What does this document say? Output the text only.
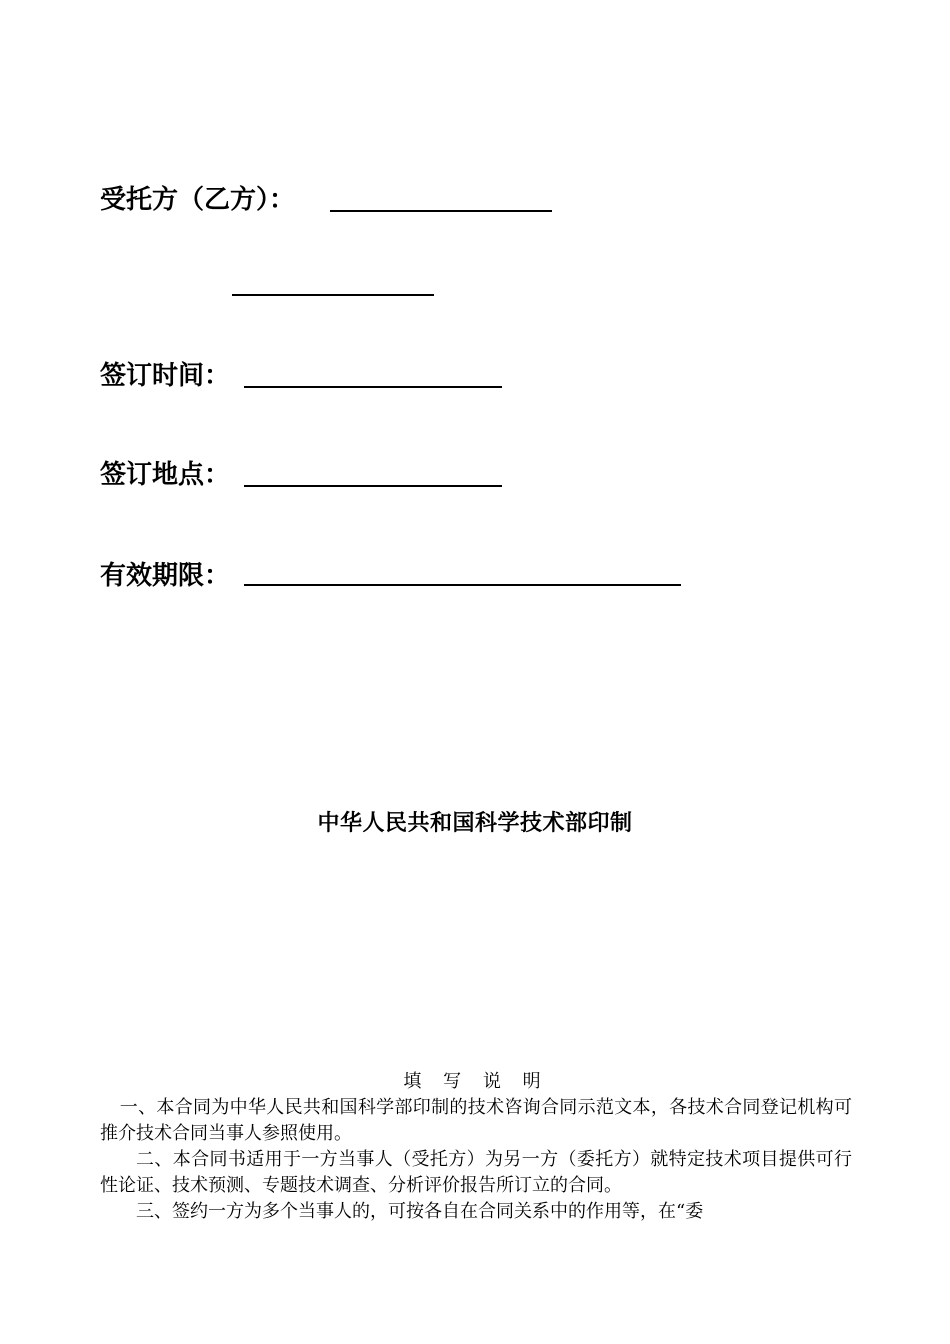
受托方（乙方）：
签订时间：
签订地点：
有效期限：
中华人民共和国科学技术部印制

填 写 说 明

一、本合同为中华人民共和国科学部印制的技术咨询合同示范文本，各技术合同登记机构可推介技术合同当事人参照使用。

二、本合同书适用于一方当事人（受托方）为另一方（委托方）就特定技术项目提供可行性论证、技术预测、专题技术调查、分析评价报告所订立的合同。

三、签约一方为多个当事人的，可按各自在合同关系中的作用等，在“委
